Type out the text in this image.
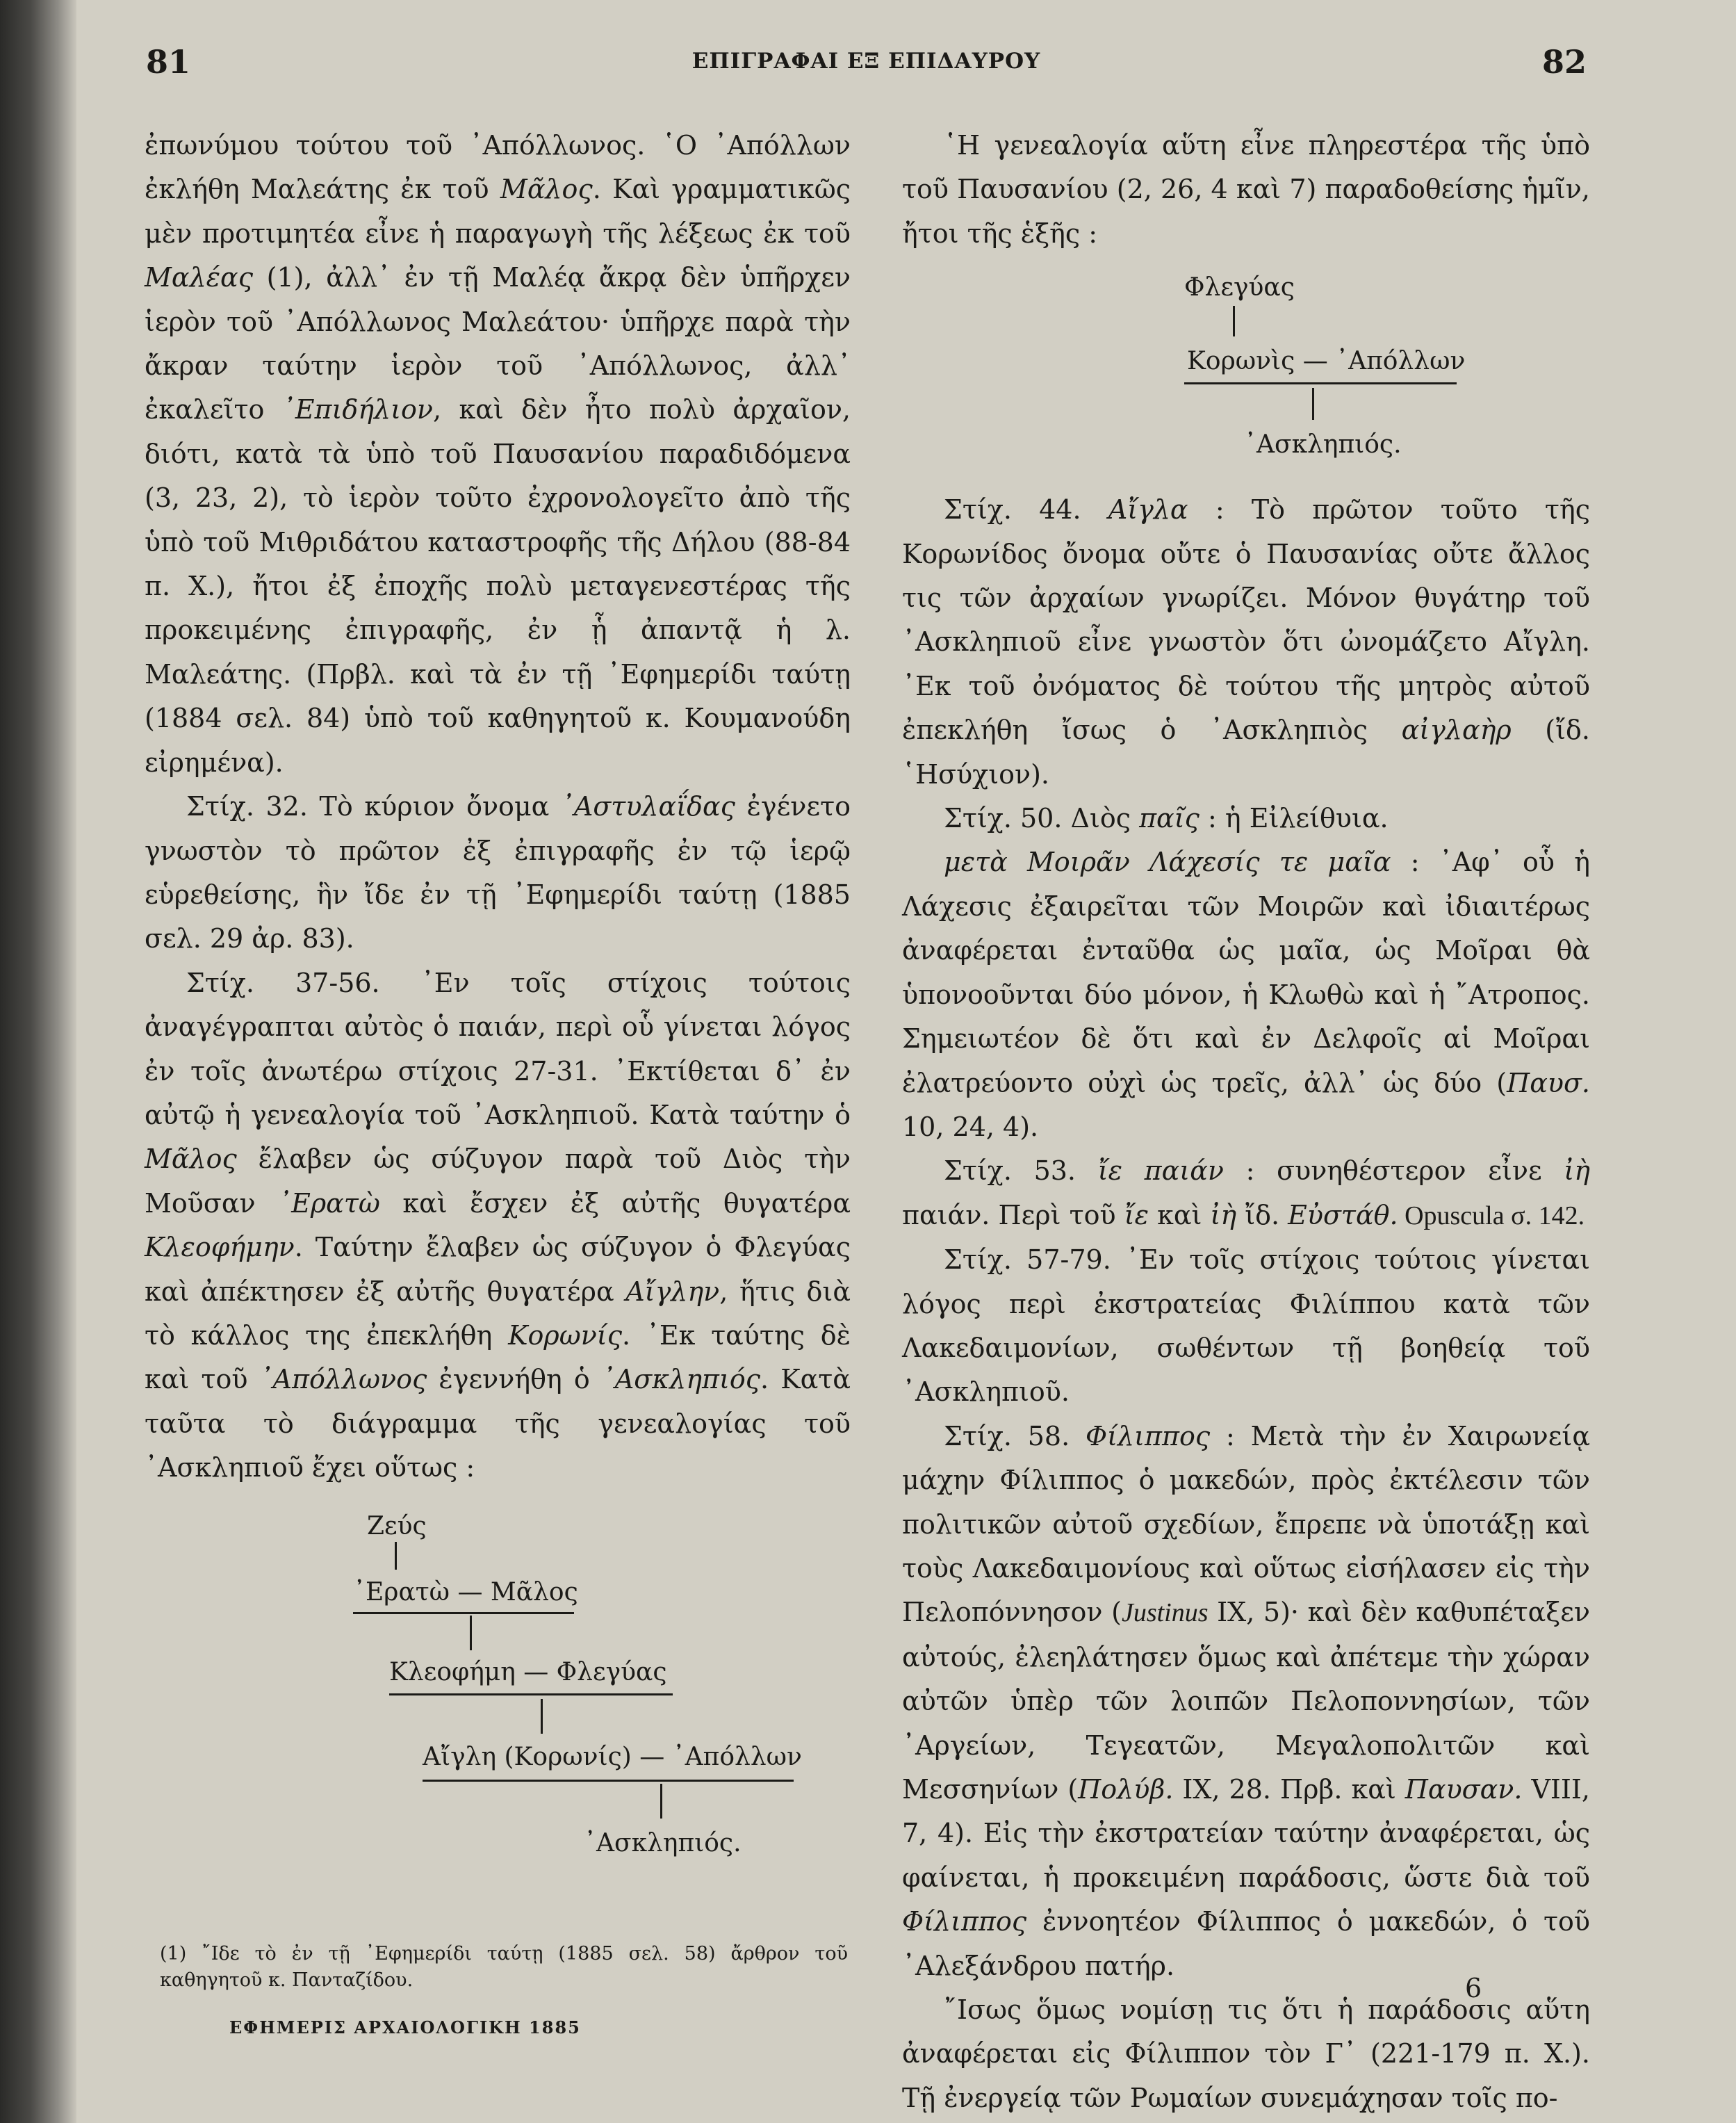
81	ΕΠΙΓΡΑΦΑΙ ΕΞ ΕΠΙΔΑΥΡΟΥ	82

ἐπωνύμου τούτου τοῦ ᾿Απόλλωνος. ῾Ο ᾿Απόλλων ἐκλήθη Μαλεάτης ἐκ τοῦ Μᾶλος. Καὶ γραμματικῶς μὲν προτιμητέα εἶνε ἡ παραγωγὴ τῆς λέξεως ἐκ τοῦ Μαλέας (1), ἀλλ᾽ ἐν τῇ Μαλέᾳ ἄκρᾳ δὲν ὑπῆρχεν ἱερὸν τοῦ ᾿Απόλλωνος Μαλεάτου· ὑπῆρχε παρὰ τὴν ἄκραν ταύτην ἱερὸν τοῦ ᾿Απόλλωνος, ἀλλ᾽ ἐκαλεῖτο ᾿Επιδήλιον, καὶ δὲν ἦτο πολὺ ἀρχαῖον, διότι, κατὰ τὰ ὑπὸ τοῦ Παυσανίου παραδιδόμενα (3, 23, 2), τὸ ἱερὸν τοῦτο ἐχρονολογεῖτο ἀπὸ τῆς ὑπὸ τοῦ Μιθριδάτου καταστροφῆς τῆς Δήλου (88-84 π. Χ.), ἤτοι ἐξ ἐποχῆς πολὺ μεταγενεστέρας τῆς προκειμένης ἐπιγραφῆς, ἐν ᾗ ἀπαντᾷ ἡ λ. Μαλεάτης. (Πρβλ. καὶ τὰ ἐν τῇ ᾿Εφημερίδι ταύτῃ (1884 σελ. 84) ὑπὸ τοῦ καθηγητοῦ κ. Κουμανούδη εἰρημένα).

Στίχ. 32. Τὸ κύριον ὄνομα ᾿Αστυλαΐδας ἐγένετο γνωστὸν τὸ πρῶτον ἐξ ἐπιγραφῆς ἐν τῷ ἱερῷ εὑρεθείσης, ἣν ἴδε ἐν τῇ ᾿Εφημερίδι ταύτῃ (1885 σελ. 29 ἀρ. 83).

Στίχ. 37-56. ᾿Εν τοῖς στίχοις τούτοις ἀναγέγραπται αὐτὸς ὁ παιάν, περὶ οὗ γίνεται λόγος ἐν τοῖς ἀνωτέρω στίχοις 27-31. ᾿Εκτίθεται δ᾽ ἐν αὐτῷ ἡ γενεαλογία τοῦ ᾿Ασκληπιοῦ. Κατὰ ταύτην ὁ Μᾶλος ἔλαβεν ὡς σύζυγον παρὰ τοῦ Διὸς τὴν Μοῦσαν ᾿Ερατὼ καὶ ἔσχεν ἐξ αὐτῆς θυγατέρα Κλεοφήμην. Ταύτην ἔλαβεν ὡς σύζυγον ὁ Φλεγύας καὶ ἀπέκτησεν ἐξ αὐτῆς θυγατέρα Αἴγλην, ἥτις διὰ τὸ κάλλος της ἐπεκλήθη Κορωνίς. ᾿Εκ ταύτης δὲ καὶ τοῦ ᾿Απόλλωνος ἐγεννήθη ὁ ᾿Ασκληπιός. Κατὰ ταῦτα τὸ διάγραμμα τῆς γενεαλογίας τοῦ ᾿Ασκληπιοῦ ἔχει οὕτως :

Ζεύς
᾿Ερατὼ — Μᾶλος
Κλεοφήμη — Φλεγύας
Αἴγλη (Κορωνίς) — ᾿Απόλλων
᾿Ασκληπιός.
(1) ῎Ιδε τὸ ἐν τῇ ᾿Εφημερίδι ταύτῃ (1885 σελ. 58) ἄρθρον τοῦ καθηγητοῦ κ. Πανταζίδου.
ΕΦΗΜΕΡΙΣ ΑΡΧΑΙΟΛΟΓΙΚΗ 1885

῾Η γενεαλογία αὕτη εἶνε πληρεστέρα τῆς ὑπὸ τοῦ Παυσανίου (2, 26, 4 καὶ 7) παραδοθείσης ἡμῖν, ἤτοι τῆς ἑξῆς :

Φλεγύας
Κορωνὶς — ᾿Απόλλων
᾿Ασκληπιός.

Στίχ. 44. Αἴγλα : Τὸ πρῶτον τοῦτο τῆς Κορωνίδος ὄνομα οὔτε ὁ Παυσανίας οὔτε ἄλλος τις τῶν ἀρχαίων γνωρίζει. Μόνον θυγάτηρ τοῦ ᾿Ασκληπιοῦ εἶνε γνωστὸν ὅτι ὠνομάζετο Αἴγλη. ᾿Εκ τοῦ ὀνόματος δὲ τούτου τῆς μητρὸς αὐτοῦ ἐπεκλήθη ἴσως ὁ ᾿Ασκληπιὸς αἰγλαὴρ (ἴδ. ῾Ησύχιον).

Στίχ. 50. Διὸς παῖς : ἡ Εἰλείθυια.

μετὰ Μοιρᾶν Λάχεσίς τε μαῖα : ᾿Αφ᾽ οὗ ἡ Λάχεσις ἐξαιρεῖται τῶν Μοιρῶν καὶ ἰδιαιτέρως ἀναφέρεται ἐνταῦθα ὡς μαῖα, ὡς Μοῖραι θὰ ὑπονοοῦνται δύο μόνον, ἡ Κλωθὼ καὶ ἡ ῎Ατροπος. Σημειωτέον δὲ ὅτι καὶ ἐν Δελφοῖς αἱ Μοῖραι ἐλατρεύοντο οὐχὶ ὡς τρεῖς, ἀλλ᾽ ὡς δύο (Παυσ. 10, 24, 4).

Στίχ. 53. ἴε παιάν : συνηθέστερον εἶνε ἰὴ παιάν. Περὶ τοῦ ἴε καὶ ἰὴ ἴδ. Εὐστάθ. Opuscula σ. 142.

Στίχ. 57-79. ᾿Εν τοῖς στίχοις τούτοις γίνεται λόγος περὶ ἐκστρατείας Φιλίππου κατὰ τῶν Λακεδαιμονίων, σωθέντων τῇ βοηθείᾳ τοῦ ᾿Ασκληπιοῦ.

Στίχ. 58. Φίλιππος : Μετὰ τὴν ἐν Χαιρωνείᾳ μάχην Φίλιππος ὁ μακεδών, πρὸς ἐκτέλεσιν τῶν πολιτικῶν αὐτοῦ σχεδίων, ἔπρεπε νὰ ὑποτάξῃ καὶ τοὺς Λακεδαιμονίους καὶ οὕτως εἰσήλασεν εἰς τὴν Πελοπόννησον (Justinus IX, 5)· καὶ δὲν καθυπέταξεν αὐτούς, ἐλεηλάτησεν ὅμως καὶ ἀπέτεμε τὴν χώραν αὐτῶν ὑπὲρ τῶν λοιπῶν Πελοποννησίων, τῶν ᾿Αργείων, Τεγεατῶν, Μεγαλοπολιτῶν καὶ Μεσσηνίων (Πολύβ. IX, 28. Πρβ. καὶ Παυσαν. VIII, 7, 4). Εἰς τὴν ἐκστρατείαν ταύτην ἀναφέρεται, ὡς φαίνεται, ἡ προκειμένη παράδοσις, ὥστε διὰ τοῦ Φίλιππος ἐννοητέον Φίλιππος ὁ μακεδών, ὁ τοῦ ᾿Αλεξάνδρου πατήρ.

῎Ισως ὅμως νομίσῃ τις ὅτι ἡ παράδοσις αὕτη ἀναφέρεται εἰς Φίλιππον τὸν Γ᾽ (221-179 π. Χ.). Τῇ ἐνεργείᾳ τῶν Ρωμαίων συνεμάχησαν τοῖς πο-

6
